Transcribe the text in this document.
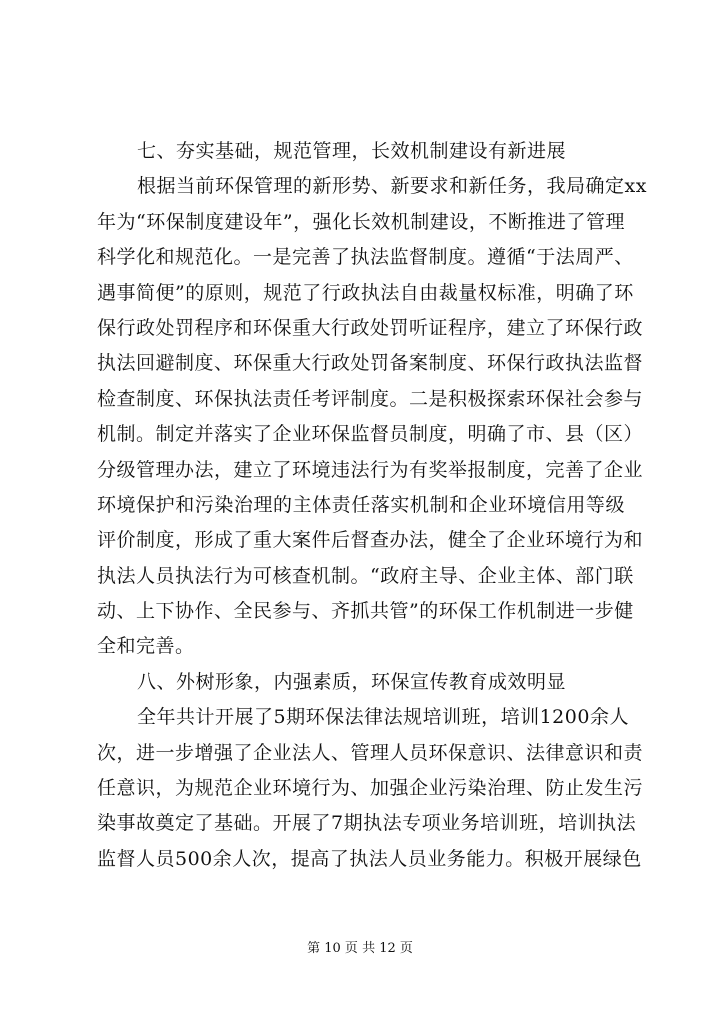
七、夯实基础，规范管理，长效机制建设有新进展
根据当前环保管理的新形势、新要求和新任务，我局确定xx
年为“环保制度建设年”，强化长效机制建设，不断推进了管理
科学化和规范化。一是完善了执法监督制度。遵循“于法周严、
遇事简便”的原则，规范了行政执法自由裁量权标准，明确了环
保行政处罚程序和环保重大行政处罚听证程序，建立了环保行政
执法回避制度、环保重大行政处罚备案制度、环保行政执法监督
检查制度、环保执法责任考评制度。二是积极探索环保社会参与
机制。制定并落实了企业环保监督员制度，明确了市、县（区）
分级管理办法，建立了环境违法行为有奖举报制度，完善了企业
环境保护和污染治理的主体责任落实机制和企业环境信用等级
评价制度，形成了重大案件后督查办法，健全了企业环境行为和
执法人员执法行为可核查机制。“政府主导、企业主体、部门联
动、上下协作、全民参与、齐抓共管”的环保工作机制进一步健
全和完善。
八、外树形象，内强素质，环保宣传教育成效明显
全年共计开展了5期环保法律法规培训班，培训1200余人
次，进一步增强了企业法人、管理人员环保意识、法律意识和责
任意识，为规范企业环境行为、加强企业污染治理、防止发生污
染事故奠定了基础。开展了7期执法专项业务培训班，培训执法
监督人员500余人次，提高了执法人员业务能力。积极开展绿色
第 10 页 共 12 页
